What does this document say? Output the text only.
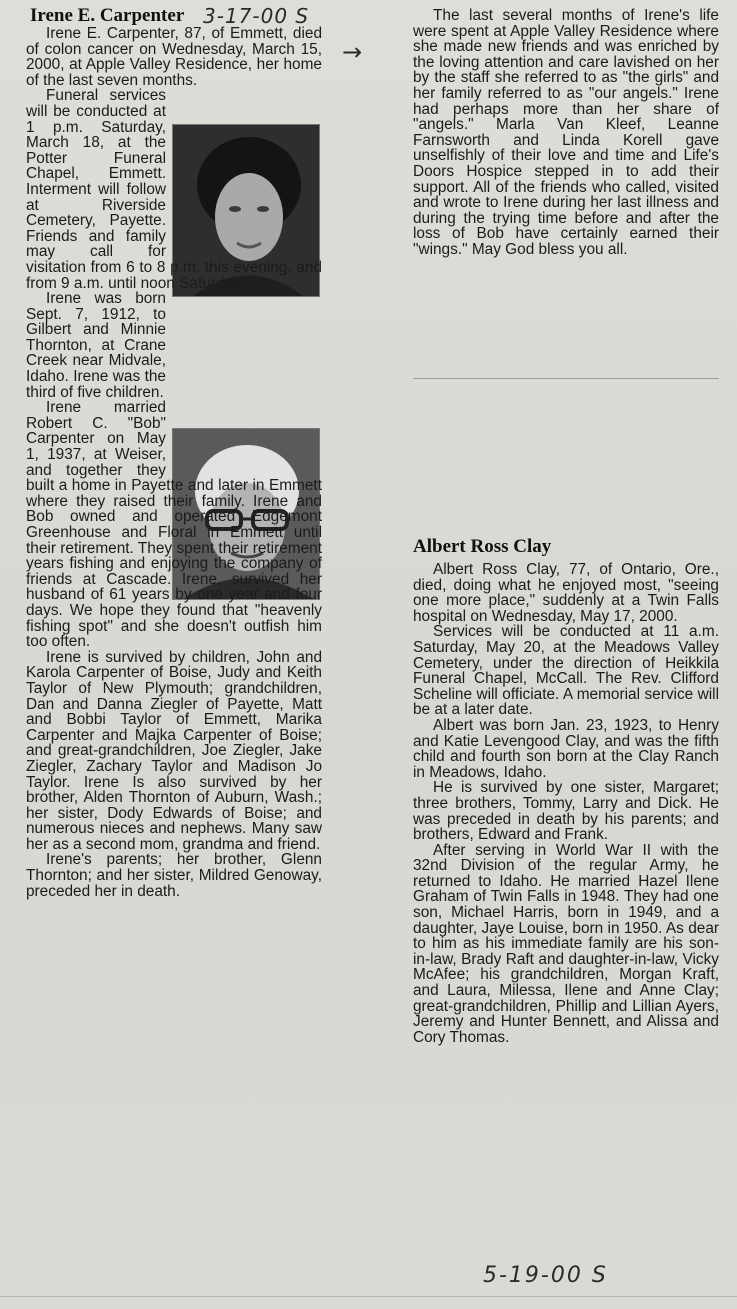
Irene E. Carpenter 3-17-00 S

Irene E. Carpenter, 87, of Emmett, died of colon cancer on Wednesday, March 15, 2000, at Apple Valley Residence, her home of the last seven months.

Funeral services will be conducted at 1 p.m. Saturday, March 18, at the Potter Funeral Chapel, Emmett. Interment will follow at Riverside Cemetery, Payette. Friends and family may call for visitation from 6 to 8 p.m. this evening, and from 9 a.m. until noon Saturday.

Irene was born Sept. 7, 1912, to Gilbert and Minnie Thornton, at Crane Creek near Midvale, Idaho. Irene was the third of five children.

Irene married Robert C. "Bob" Carpenter on May 1, 1937, at Weiser, and together they built a home in Payette and later in Emmett where they raised their family. Irene and Bob owned and operated Edgemont Greenhouse and Floral in Emmett until their retirement. They spent their retirement years fishing and enjoying the company of friends at Cascade. Irene, survived her husband of 61 years by one year and four days. We hope they found that "heavenly fishing spot" and she doesn't outfish him too often.

Irene is survived by children, John and Karola Carpenter of Boise, Judy and Keith Taylor of New Plymouth; grandchildren, Dan and Danna Ziegler of Payette, Matt and Bobbi Taylor of Emmett, Marika Carpenter and Majka Carpenter of Boise; and great-grandchildren, Joe Ziegler, Jake Ziegler, Zachary Taylor and Madison Jo Taylor. Irene Is also survived by her brother, Alden Thornton of Auburn, Wash.; her sister, Dody Edwards of Boise; and numerous nieces and nephews. Many saw her as a second mom, grandma and friend.

Irene's parents; her brother, Glenn Thornton; and her sister, Mildred Genoway, preceded her in death.

→

The last several months of Irene's life were spent at Apple Valley Residence where she made new friends and was enriched by the loving attention and care lavished on her by the staff she referred to as "the girls" and her family referred to as "our angels." Irene had perhaps more than her share of "angels." Marla Van Kleef, Leanne Farnsworth and Linda Korell gave unselfishly of their love and time and Life's Doors Hospice stepped in to add their support. All of the friends who called, visited and wrote to Irene during her last illness and during the trying time before and after the loss of Bob have certainly earned their "wings." May God bless you all.

Albert Ross Clay

Albert Ross Clay, 77, of Ontario, Ore., died, doing what he enjoyed most, "seeing one more place," suddenly at a Twin Falls hospital on Wednesday, May 17, 2000.

Services will be conducted at 11 a.m. Saturday, May 20, at the Meadows Valley Cemetery, under the direction of Heikkila Funeral Chapel, McCall. The Rev. Clifford Scheline will officiate. A memorial service will be at a later date.

Albert was born Jan. 23, 1923, to Henry and Katie Levengood Clay, and was the fifth child and fourth son born at the Clay Ranch in Meadows, Idaho.

He is survived by one sister, Margaret; three brothers, Tommy, Larry and Dick. He was preceded in death by his parents; and brothers, Edward and Frank.

After serving in World War II with the 32nd Division of the regular Army, he returned to Idaho. He married Hazel Ilene Graham of Twin Falls in 1948. They had one son, Michael Harris, born in 1949, and a daughter, Jaye Louise, born in 1950. As dear to him as his immediate family are his son-in-law, Brady Raft and daughter-in-law, Vicky McAfee; his grandchildren, Morgan Kraft, and Laura, Milessa, Ilene and Anne Clay; great-grandchildren, Phillip and Lillian Ayers, Jeremy and Hunter Bennett, and Alissa and Cory Thomas.

5-19-00 S
